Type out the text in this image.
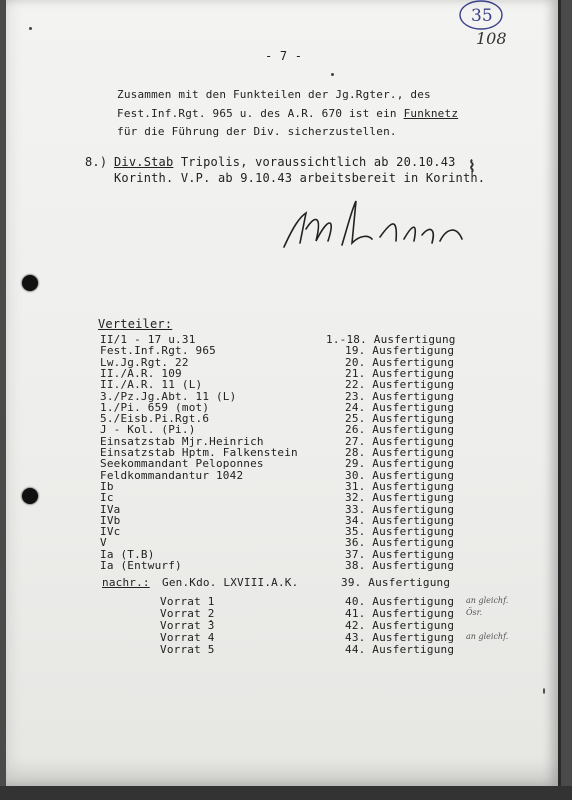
35
108
- 7 -
Zusammen mit den Funkteilen der Jg.Rgter., des
Fest.Inf.Rgt. 965 u. des A.R. 670 ist ein Funknetz
für die Führung der Div. sicherzustellen.
8.) Div.Stab Tripolis, voraussichtlich ab 20.10.43
Korinth. V.P. ab 9.10.43 arbeitsbereit in Korinth.
⌇
i. A. Le Suire
Verteiler:
II/1 - 17 u.31	1.-18. Ausfertigung
Fest.Inf.Rgt. 965	19. Ausfertigung
Lw.Jg.Rgt. 22	20. Ausfertigung
II./A.R. 109	21. Ausfertigung
II./A.R. 11 (L)	22. Ausfertigung
3./Pz.Jg.Abt. 11 (L)	23. Ausfertigung
1./Pi. 659 (mot)	24. Ausfertigung
5./Eisb.Pi.Rgt.6	25. Ausfertigung
J - Kol. (Pi.)	26. Ausfertigung
Einsatzstab Mjr.Heinrich	27. Ausfertigung
Einsatzstab Hptm. Falkenstein	28. Ausfertigung
Seekommandant Peloponnes	29. Ausfertigung
Feldkommandantur 1042	30. Ausfertigung
Ib	31. Ausfertigung
Ic	32. Ausfertigung
IVa	33. Ausfertigung
IVb	34. Ausfertigung
IVc	35. Ausfertigung
V	36. Ausfertigung
Ia (T.B)	37. Ausfertigung
Ia (Entwurf)	38. Ausfertigung
nachr.: Gen.Kdo. LXVIII.A.K.	39. Ausfertigung
Vorrat 1	40. Ausfertigung an gleichf.
Vorrat 2	41. Ausfertigung Ösr.
Vorrat 3	42. Ausfertigung
Vorrat 4	43. Ausfertigung an gleichf.
Vorrat 5	44. Ausfertigung
